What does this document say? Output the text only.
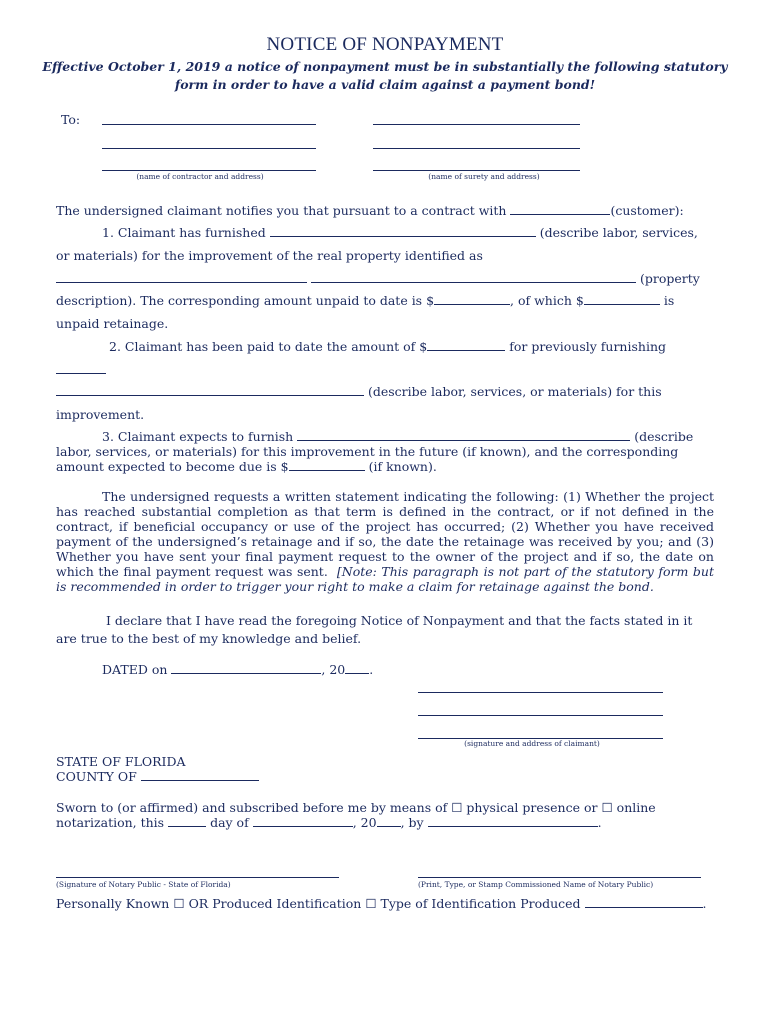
NOTICE OF NONPAYMENT
Effective October 1, 2019 a notice of nonpayment must be in substantially the following statutory form in order to have a valid claim against a payment bond!
To:
(name of contractor and address)	(name of surety and address)
The undersigned claimant notifies you that pursuant to a contract with	(customer):
1. Claimant has furnished	(describe labor, services,
or materials) for the improvement of the real property identified as
(property
description). The corresponding amount unpaid to date is $	, of which $	is
unpaid retainage.
2. Claimant has been paid to date the amount of $	for previously furnishing
(describe labor, services, or materials) for this
improvement.
3. Claimant expects to furnish	(describe
labor, services, or materials) for this improvement in the future (if known), and the corresponding
amount expected to become due is $	(if known).
The undersigned requests a written statement indicating the following: (1) Whether the project has reached substantial completion as that term is defined in the contract, or if not defined in the contract, if beneficial occupancy or use of the project has occurred; (2) Whether you have received payment of the undersigned’s retainage and if so, the date the retainage was received by you; and (3) Whether you have sent your final payment request to the owner of the project and if so, the date on which the final payment request was sent. [Note: This paragraph is not part of the statutory form but is recommended in order to trigger your right to make a claim for retainage against the bond.
I declare that I have read the foregoing Notice of Nonpayment and that the facts stated in it are true to the best of my knowledge and belief.
DATED on	, 20 .
(signature and address of claimant)
STATE OF FLORIDA
COUNTY OF
Sworn to (or affirmed) and subscribed before me by means of ☐ physical presence or ☐ online
notarization, this	day of	, 20 , by	.
(Signature of Notary Public - State of Florida)	(Print, Type, or Stamp Commissioned Name of Notary Public)
Personally Known ☐ OR Produced Identification ☐ Type of Identification Produced	.
